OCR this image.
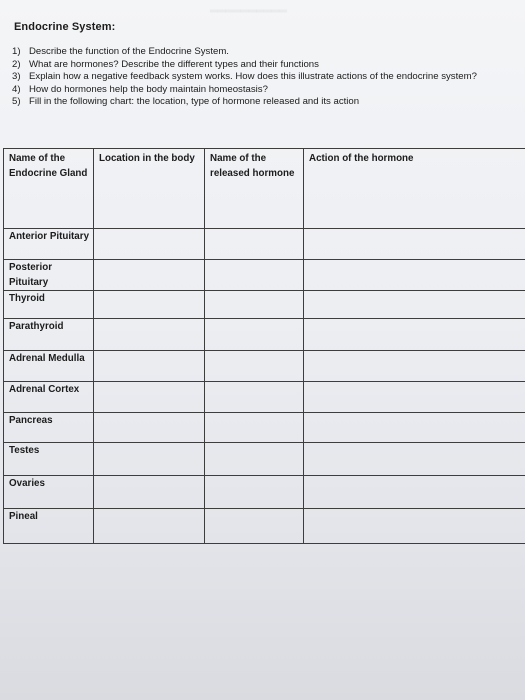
▂▂▂▂▂▂▂▂▂▂
Endocrine System:
1) Describe the function of the Endocrine System.
2) What are hormones? Describe the different types and their functions
3) Explain how a negative feedback system works. How does this illustrate actions of the endocrine system?
4) How do hormones help the body maintain homeostasis?
5) Fill in the following chart: the location, type of hormone released and its action
Name of the Endocrine Gland	Location in the body	Name of the released hormone	Action of the hormone
Anterior Pituitary			
Posterior Pituitary			
Thyroid			
Parathyroid			
Adrenal Medulla			
Adrenal Cortex			
Pancreas			
Testes			
Ovaries			
Pineal			
